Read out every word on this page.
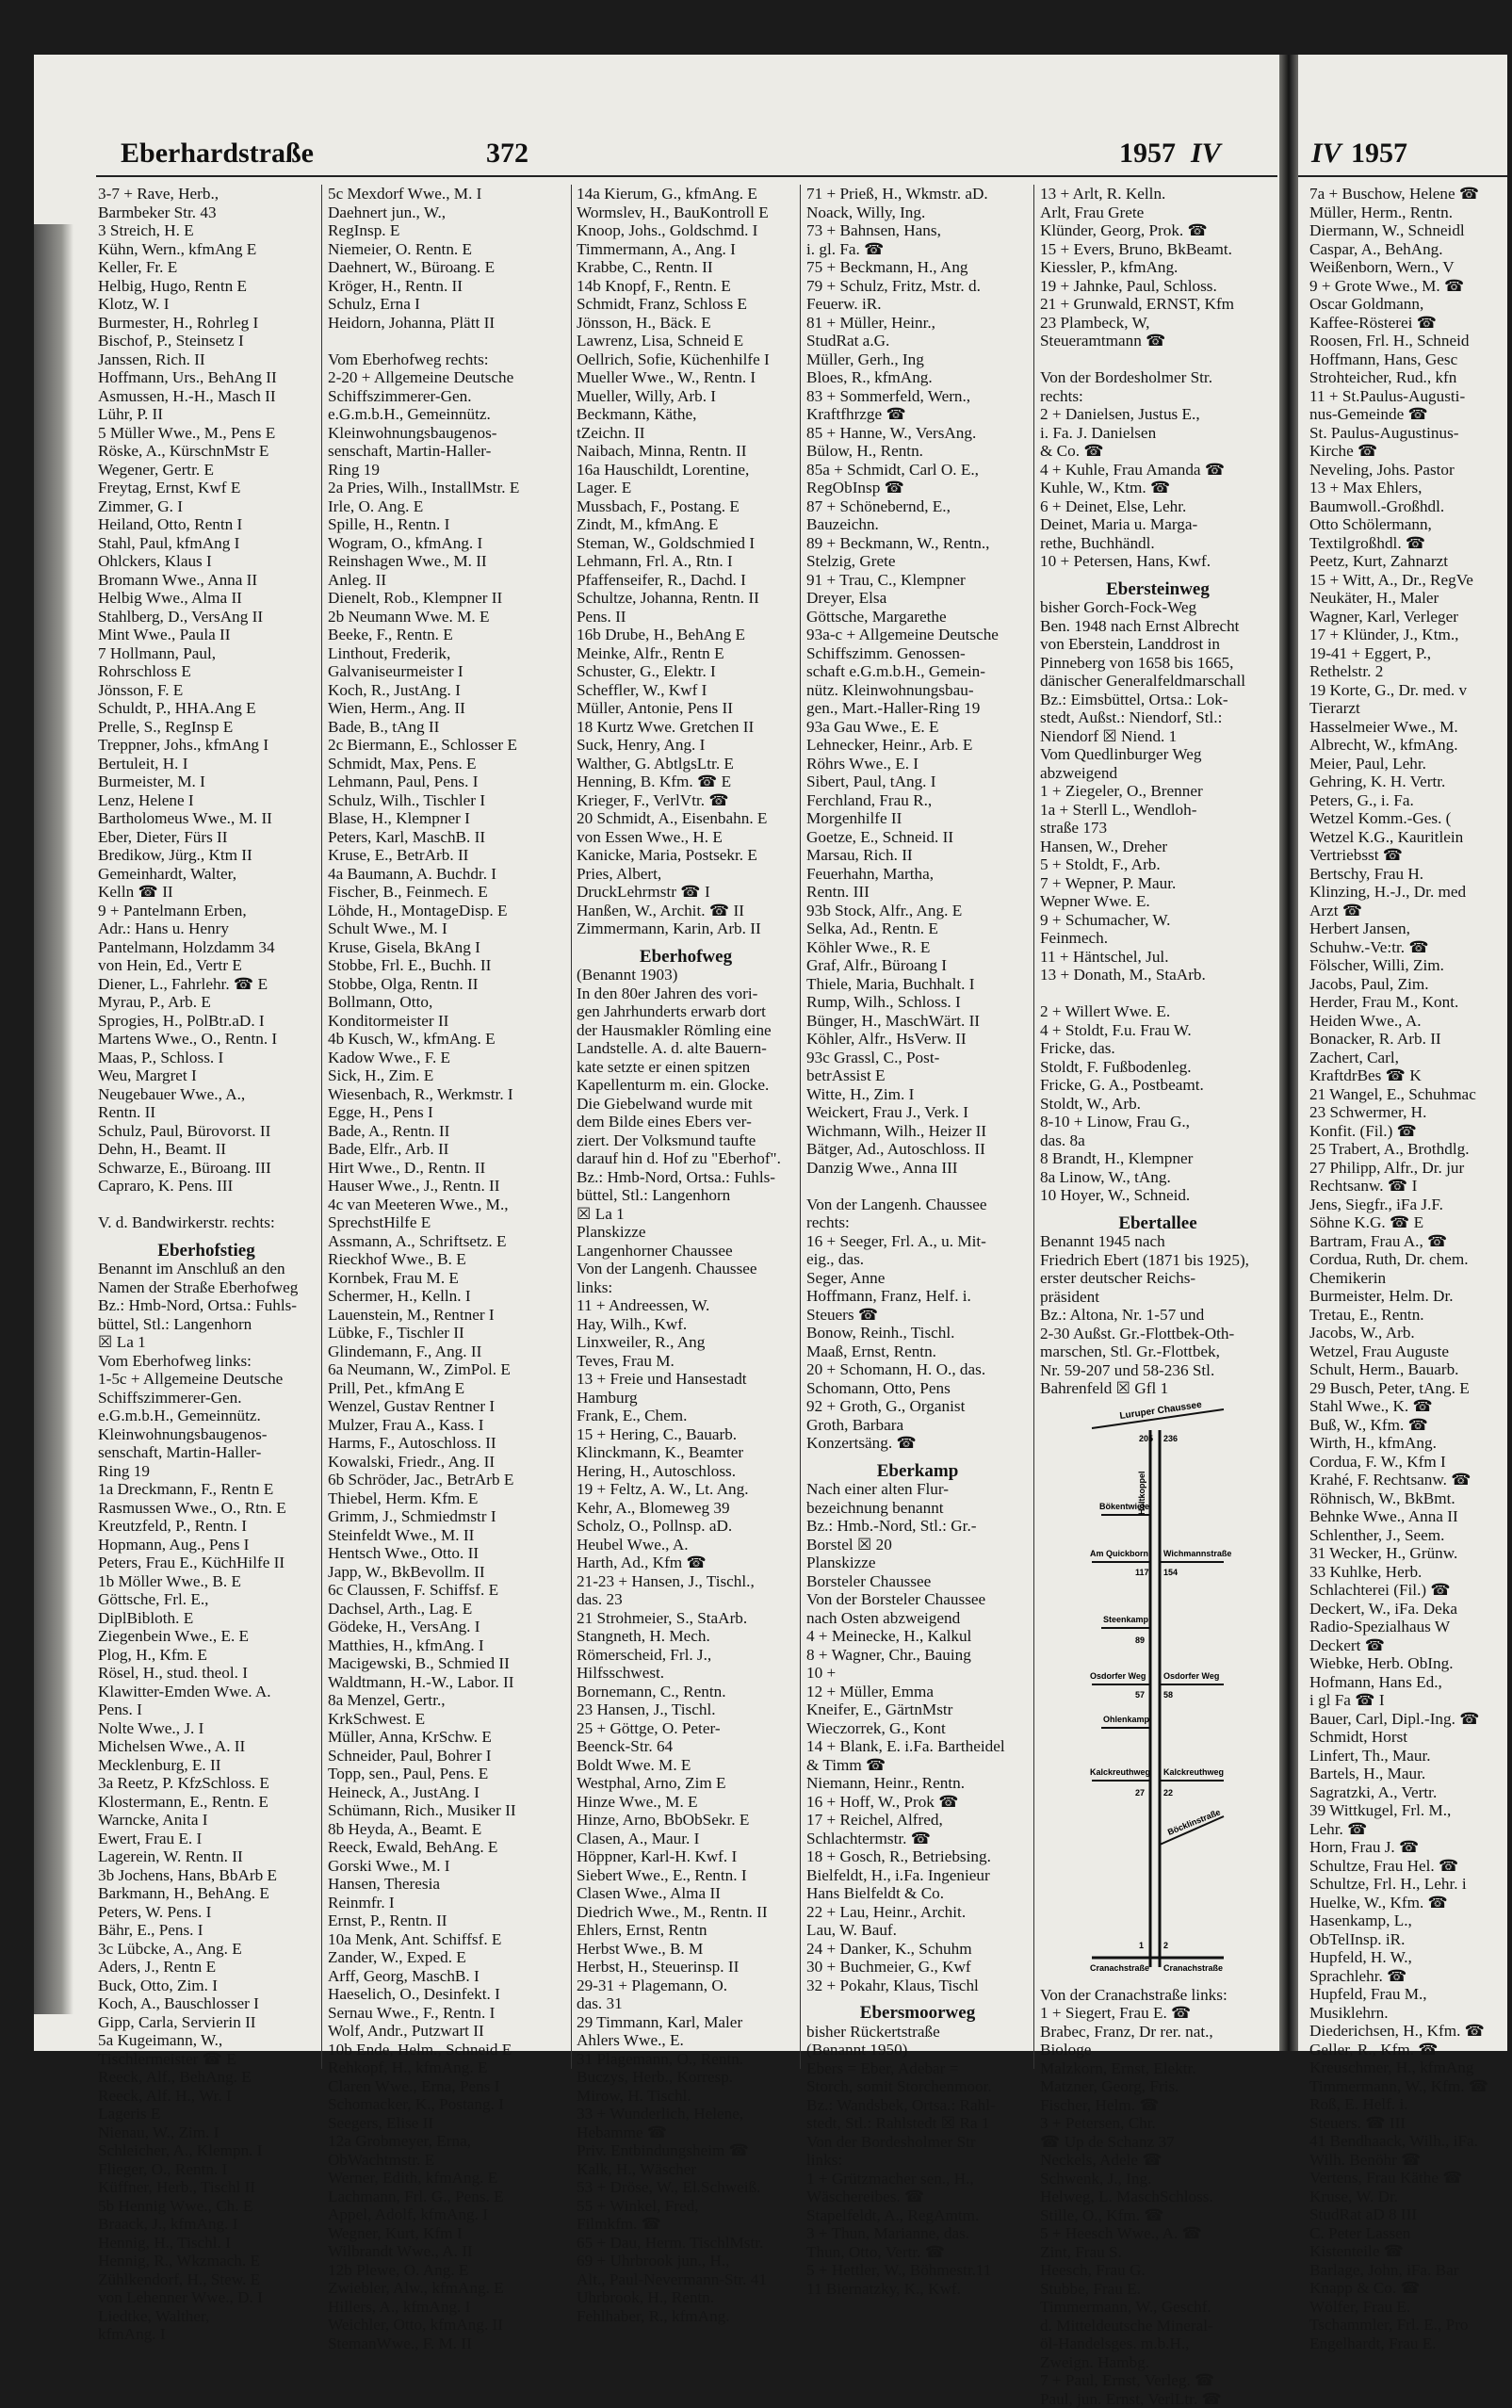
Eberhardstraße	372	1957 IV
3-7 + Rave, Herb.,
Barmbeker Str. 43
3 Streich, H. E
Kühn, Wern., kfmAng E
Keller, Fr. E
Helbig, Hugo, Rentn E
Klotz, W. I
Burmester, H., Rohrleg I
Bischof, P., Steinsetz I
Janssen, Rich. II
Hoffmann, Urs., BehAng II
Asmussen, H.-H., Masch II
Lühr, P. II
5 Müller Wwe., M., Pens E
Röske, A., KürschnMstr E
Wegener, Gertr. E
Freytag, Ernst, Kwf E
Zimmer, G. I
Heiland, Otto, Rentn I
Stahl, Paul, kfmAng I
Ohlckers, Klaus I
Bromann Wwe., Anna II
Helbig Wwe., Alma II
Stahlberg, D., VersAng II
Mint Wwe., Paula II
7 Hollmann, Paul,
Rohrschloss E
Jönsson, F. E
Schuldt, P., HHA.Ang E
Prelle, S., RegInsp E
Treppner, Johs., kfmAng I
Bertuleit, H. I
Burmeister, M. I
Lenz, Helene I
Bartholomeus Wwe., M. II
Eber, Dieter, Fürs II
Bredikow, Jürg., Ktm II
Gemeinhardt, Walter,
Kelln ☎ II
9 + Pantelmann Erben,
Adr.: Hans u. Henry
Pantelmann, Holzdamm 34
von Hein, Ed., Vertr E
Diener, L., Fahrlehr. ☎ E
Myrau, P., Arb. E
Sprogies, H., PolBtr.aD. I
Martens Wwe., O., Rentn. I
Maas, P., Schloss. I
Weu, Margret I
Neugebauer Wwe., A.,
Rentn. II
Schulz, Paul, Bürovorst. II
Dehn, H., Beamt. II
Schwarze, E., Büroang. III
Capraro, K. Pens. III

V. d. Bandwirkerstr. rechts:
Eberhofstieg
Benannt im Anschluß an den
Namen der Straße Eberhofweg
Bz.: Hmb-Nord, Ortsa.: Fuhls-
büttel, Stl.: Langenhorn
☒ La 1
Vom Eberhofweg links:
1-5c + Allgemeine Deutsche
Schiffszimmerer-Gen.
e.G.m.b.H., Gemeinnütz.
Kleinwohnungsbaugenos-
senschaft, Martin-Haller-
Ring 19
1a Dreckmann, F., Rentn E
Rasmussen Wwe., O., Rtn. E
Kreutzfeld, P., Rentn. I
Hopmann, Aug., Pens I
Peters, Frau E., KüchHilfe II
1b Möller Wwe., B. E
Göttsche, Frl. E.,
DiplBibloth. E
Ziegenbein Wwe., E. E
Plog, H., Kfm. E
Rösel, H., stud. theol. I
Klawitter-Emden Wwe. A.
Pens. I
Nolte Wwe., J. I
Michelsen Wwe., A. II
Mecklenburg, E. II
3a Reetz, P. KfzSchloss. E
Klostermann, E., Rentn. E
Warncke, Anita I
Ewert, Frau E. I
Lagerein, W. Rentn. II
3b Jochens, Hans, BbArb E
Barkmann, H., BehAng. E
Peters, W. Pens. I
Bähr, E., Pens. I
3c Lübcke, A., Ang. E
Aders, J., Rentn E
Buck, Otto, Zim. I
Koch, A., Bauschlosser I
Gipp, Carla, Servierin II
5a Kugeimann, W.,
Tischlermeister ☎ E
Reeck, Alf., BehAng. E
Reeck, Alf. H., Wr. I
Lageris E
Nienau, W., Zim. I
Schleicher, A., Klempn. I
Flieger, O., Rentn. I
Küffner, Herb., Tischl II
5b Hennig Wwe., Ch. E
Braack, J., kfmAng. I
Hennig, H., Tischl. I
Hennig, R., Wkzmach. E
Zühlkendorf, H., Stew. E
von Lehenner Wwe., D. I
Liedtke, Walther,
kfmAng. I
5c Mexdorf Wwe., M. I
Daehnert jun., W.,
RegInsp. E
Niemeier, O. Rentn. E
Daehnert, W., Büroang. E
Kröger, H., Rentn. II
Schulz, Erna I
Heidorn, Johanna, Plätt II

Vom Eberhofweg rechts:
2-20 + Allgemeine Deutsche
Schiffszimmerer-Gen.
e.G.m.b.H., Gemeinnütz.
Kleinwohnungsbaugenos-
senschaft, Martin-Haller-
Ring 19
2a Pries, Wilh., InstallMstr. E
Irle, O. Ang. E
Spille, H., Rentn. I
Wogram, O., kfmAng. I
Reinshagen Wwe., M. II
Anleg. II
Dienelt, Rob., Klempner II
2b Neumann Wwe. M. E
Beeke, F., Rentn. E
Linthout, Frederik,
Galvaniseurmeister I
Koch, R., JustAng. I
Wien, Herm., Ang. II
Bade, B., tAng II
2c Biermann, E., Schlosser E
Schmidt, Max, Pens. E
Lehmann, Paul, Pens. I
Schulz, Wilh., Tischler I
Blase, H., Klempner I
Peters, Karl, MaschB. II
Kruse, E., BetrArb. II
4a Baumann, A. Buchdr. I
Fischer, B., Feinmech. E
Löhde, H., MontageDisp. E
Schult Wwe., M. I
Kruse, Gisela, BkAng I
Stobbe, Frl. E., Buchh. II
Stobbe, Olga, Rentn. II
Bollmann, Otto,
Konditormeister II
4b Kusch, W., kfmAng. E
Kadow Wwe., F. E
Sick, H., Zim. E
Wiesenbach, R., Werkmstr. I
Egge, H., Pens I
Bade, A., Rentn. II
Bade, Elfr., Arb. II
Hirt Wwe., D., Rentn. II
Hauser Wwe., J., Rentn. II
4c van Meeteren Wwe., M.,
SprechstHilfe E
Assmann, A., Schriftsetz. E
Rieckhof Wwe., B. E
Kornbek, Frau M. E
Schermer, H., Kelln. I
Lauenstein, M., Rentner I
Lübke, F., Tischler II
Glindemann, F., Ang. II
6a Neumann, W., ZimPol. E
Prill, Pet., kfmAng E
Wenzel, Gustav Rentner I
Mulzer, Frau A., Kass. I
Harms, F., Autoschloss. II
Kowalski, Friedr., Ang. II
6b Schröder, Jac., BetrArb E
Thiebel, Herm. Kfm. E
Grimm, J., Schmiedmstr I
Steinfeldt Wwe., M. II
Hentsch Wwe., Otto. II
Japp, W., BkBevollm. II
6c Claussen, F. Schiffsf. E
Dachsel, Arth., Lag. E
Gödeke, H., VersAng. I
Matthies, H., kfmAng. I
Macigewski, B., Schmied II
Waldtmann, H.-W., Labor. II
8a Menzel, Gertr.,
KrkSchwest. E
Müller, Anna, KrSchw. E
Schneider, Paul, Bohrer I
Topp, sen., Paul, Pens. E
Heineck, A., JustAng. I
Schümann, Rich., Musiker II
8b Heyda, A., Beamt. E
Reeck, Ewald, BehAng. E
Gorski Wwe., M. I
Hansen, Theresia
Reinmfr. I
Ernst, P., Rentn. II
10a Menk, Ant. Schiffsf. E
Zander, W., Exped. E
Arff, Georg, MaschB. I
Haeselich, O., Desinfekt. I
Sernau Wwe., F., Rentn. I
Wolf, Andr., Putzwart II
10b Ende, Helm., Schneid E
Rehkopf, H., kfmAng. E
Claren Wwe., Erna, Pens I
Schomacker, K., Postang. I
Seegers, Elise II
12a Grobmeyer, Erna,
ObWachtmstr. E
Werner, Edith, kfmAng. E
Lachmann, Frl. G., Pens. E
Appel, Adolf, kfmAng. I
Wegner, Kurt, Kfm I
Wilbrandt Wwe., A. II
12b Plewe, O. Ang. E
Zwiebler, Alw., kfmAng. E
Hillers, A., kfmAng. I
Weichler, Otto, kfmAng. II
StemanWwe., F. M. II
14a Kierum, G., kfmAng. E
Wormslev, H., BauKontroll E
Knoop, Johs., Goldschmd. I
Timmermann, A., Ang. I
Krabbe, C., Rentn. II
14b Knopf, F., Rentn. E
Schmidt, Franz, Schloss E
Jönsson, H., Bäck. E
Lawrenz, Lisa, Schneid E
Oellrich, Sofie, Küchenhilfe I
Mueller Wwe., W., Rentn. I
Mueller, Willy, Arb. I
Beckmann, Käthe,
tZeichn. II
Naibach, Minna, Rentn. II
16a Hauschildt, Lorentine,
Lager. E
Mussbach, F., Postang. E
Zindt, M., kfmAng. E
Steman, W., Goldschmied I
Lehmann, Frl. A., Rtn. I
Pfaffenseifer, R., Dachd. I
Schultze, Johanna, Rentn. II
Pens. II
16b Drube, H., BehAng E
Meinke, Alfr., Rentn E
Schuster, G., Elektr. I
Scheffler, W., Kwf I
Müller, Antonie, Pens II
18 Kurtz Wwe. Gretchen II
Suck, Henry, Ang. I
Walther, G. AbtlgsLtr. E
Henning, B. Kfm. ☎ E
Krieger, F., VerlVtr. ☎
20 Schmidt, A., Eisenbahn. E
von Essen Wwe., H. E
Kanicke, Maria, Postsekr. E
Pries, Albert,
DruckLehrmstr ☎ I
Hanßen, W., Archit. ☎ II
Zimmermann, Karin, Arb. II
Eberhofweg
(Benannt 1903)
In den 80er Jahren des vori-
gen Jahrhunderts erwarb dort
der Hausmakler Römling eine
Landstelle. A. d. alte Bauern-
kate setzte er einen spitzen
Kapellenturm m. ein. Glocke.
Die Giebelwand wurde mit
dem Bilde eines Ebers ver-
ziert. Der Volksmund taufte
darauf hin d. Hof zu "Eberhof".
Bz.: Hmb-Nord, Ortsa.: Fuhls-
büttel, Stl.: Langenhorn
☒ La 1
Planskizze
Langenhorner Chaussee
Von der Langenh. Chaussee
links:
11 + Andreessen, W.
Hay, Wilh., Kwf.
Linxweiler, R., Ang
Teves, Frau M.
13 + Freie und Hansestadt
Hamburg
Frank, E., Chem.
15 + Hering, C., Bauarb.
Klinckmann, K., Beamter
Hering, H., Autoschloss.
19 + Feltz, A. W., Lt. Ang.
Kehr, A., Blomeweg 39
Scholz, O., Pollnsp. aD.
Heubel Wwe., A.
Harth, Ad., Kfm ☎
21-23 + Hansen, J., Tischl.,
das. 23
21 Strohmeier, S., StaArb.
Stangneth, H. Mech.
Römerscheid, Frl. J.,
Hilfsschwest.
Bornemann, C., Rentn.
23 Hansen, J., Tischl.
25 + Göttge, O. Peter-
Beenck-Str. 64
Boldt Wwe. M. E
Westphal, Arno, Zim E
Hinze Wwe., M. E
Hinze, Arno, BbObSekr. E
Clasen, A., Maur. I
Höppner, Karl-H. Kwf. I
Siebert Wwe., E., Rentn. I
Clasen Wwe., Alma II
Diedrich Wwe., M., Rentn. II
Ehlers, Ernst, Rentn
Herbst Wwe., B. M
Herbst, H., Steuerinsp. II
29-31 + Plagemann, O.
das. 31
29 Timmann, Karl, Maler
Ahlers Wwe., E.
31 Plagemann, O., Rentn.
Buczys, Herb., Korresp.
Mirow, H. Tischl.
33 + Wunderlich, Helene,
Hebamme ☎
Priv. Entbindungsheim ☎
Kalk, H., Wäscher
53 + Dröse, W., El.Schweiß.
55 + Winkel, Fred,
Filmkfm. ☎
65 + Dau, Herm. TischlMstr.
69 + Uhrbrook jun., H.,
Alt., Paul-Nevermann-Str. 41
Uhrbrook, H., Rentn.
Fehlhaber, R., kfmAng.
71 + Prieß, H., Wkmstr. aD.
Noack, Willy, Ing.
73 + Bahnsen, Hans,
i. gl. Fa. ☎
75 + Beckmann, H., Ang
79 + Schulz, Fritz, Mstr. d.
Feuerw. iR.
81 + Müller, Heinr.,
StudRat a.G.
Müller, Gerh., Ing
Bloes, R., kfmAng.
83 + Sommerfeld, Wern.,
Kraftfhrzge ☎
85 + Hanne, W., VersAng.
Bülow, H., Rentn.
85a + Schmidt, Carl O. E.,
RegObInsp ☎
87 + Schönebernd, E.,
Bauzeichn.
89 + Beckmann, W., Rentn.,
Stelzig, Grete
91 + Trau, C., Klempner
Dreyer, Elsa
Göttsche, Margarethe
93a-c + Allgemeine Deutsche
Schiffszimm. Genossen-
schaft e.G.m.b.H., Gemein-
nütz. Kleinwohnungsbau-
gen., Mart.-Haller-Ring 19
93a Gau Wwe., E. E
Lehnecker, Heinr., Arb. E
Röhrs Wwe., E. I
Sibert, Paul, tAng. I
Ferchland, Frau R.,
Morgenhilfe II
Goetze, E., Schneid. II
Marsau, Rich. II
Feuerhahn, Martha,
Rentn. III
93b Stock, Alfr., Ang. E
Selka, Ad., Rentn. E
Köhler Wwe., R. E
Graf, Alfr., Büroang I
Thiele, Maria, Buchhalt. I
Rump, Wilh., Schloss. I
Bünger, H., MaschWärt. II
Köhler, Alfr., HsVerw. II
93c Grassl, C., Post-
betrAssist E
Witte, H., Zim. I
Weickert, Frau J., Verk. I
Wichmann, Wilh., Heizer II
Bätger, Ad., Autoschloss. II
Danzig Wwe., Anna III

Von der Langenh. Chaussee
rechts:
16 + Seeger, Frl. A., u. Mit-
eig., das.
Seger, Anne
Hoffmann, Franz, Helf. i.
Steuers ☎
Bonow, Reinh., Tischl.
Maaß, Ernst, Rentn.
20 + Schomann, H. O., das.
Schomann, Otto, Pens
92 + Groth, G., Organist
Groth, Barbara
Konzertsäng. ☎
Eberkamp
Nach einer alten Flur-
bezeichnung benannt
Bz.: Hmb.-Nord, Stl.: Gr.-
Borstel ☒ 20
Planskizze
Borsteler Chaussee
Von der Borsteler Chaussee
nach Osten abzweigend
4 + Meinecke, H., Kalkul
8 + Wagner, Chr., Bauing
10 +
12 + Müller, Emma
Kneifer, E., GärtnMstr
Wieczorrek, G., Kont
14 + Blank, E. i.Fa. Bartheidel
& Timm ☎
Niemann, Heinr., Rentn.
16 + Hoff, W., Prok ☎
17 + Reichel, Alfred,
Schlachtermstr. ☎
18 + Gosch, R., Betriebsing.
Bielfeldt, H., i.Fa. Ingenieur
Hans Bielfeldt & Co.
22 + Lau, Heinr., Archit.
Lau, W. Bauf.
24 + Danker, K., Schuhm
30 + Buchmeier, G., Kwf
32 + Pokahr, Klaus, Tischl
Ebersmoorweg
bisher Rückertstraße
(Benannt 1950)
Ebers = Eber, Adebar =
Storch, somit Storchenmoor.
Bz.: Wandsbek, Ortsa.: Rahl-
stedt, Stl.: Rahlstedt ☒ Ra 1
Von der Bordesholmer Str
links:
1 + Grützmacher sen., H.,
Wäschereibes. ☎
Stapelfeldt, A., RegAmtm.
3 + Thun, Marianne, das.
Thun, Otto, Vertr. ☎
5 + Hettler, W., Böhmestr.11
11 Biernatzky, K., Kwf.
13 + Arlt, R. Kelln.
Arlt, Frau Grete
Klünder, Georg, Prok. ☎
15 + Evers, Bruno, BkBeamt.
Kiessler, P., kfmAng.
19 + Jahnke, Paul, Schloss.
21 + Grunwald, ERNST, Kfm
23 Plambeck, W,
Steueramtmann ☎

Von der Bordesholmer Str.
rechts:
2 + Danielsen, Justus E.,
i. Fa. J. Danielsen
& Co. ☎
4 + Kuhle, Frau Amanda ☎
Kuhle, W., Ktm. ☎
6 + Deinet, Else, Lehr.
Deinet, Maria u. Marga-
rethe, Buchhändl.
10 + Petersen, Hans, Kwf.
Ebersteinweg
bisher Gorch-Fock-Weg
Ben. 1948 nach Ernst Albrecht
von Eberstein, Landdrost in
Pinneberg von 1658 bis 1665,
dänischer Generalfeldmarschall
Bz.: Eimsbüttel, Ortsa.: Lok-
stedt, Außst.: Niendorf, Stl.:
Niendorf ☒ Niend. 1
Vom Quedlinburger Weg
abzweigend
1 + Ziegeler, O., Brenner
1a + Sterll L., Wendloh-
straße 173
Hansen, W., Dreher
5 + Stoldt, F., Arb.
7 + Wepner, P. Maur.
Wepner Wwe. E.
9 + Schumacher, W.
Feinmech.
11 + Häntschel, Jul.
13 + Donath, M., StaArb.

2 + Willert Wwe. E.
4 + Stoldt, F.u. Frau W.
Fricke, das.
Stoldt, F. Fußbodenleg.
Fricke, G. A., Postbeamt.
Stoldt, W., Arb.
8-10 + Linow, Frau G.,
das. 8a
8 Brandt, H., Klempner
8a Linow, W., tAng.
10 Hoyer, W., Schneid.
Ebertallee
Benannt 1945 nach
Friedrich Ebert (1871 bis 1925),
erster deutscher Reichs-
präsident
Bz.: Altona, Nr. 1-57 und
2-30 Außst. Gr.-Flottbek-Oth-
marschen, Stl. Gr.-Flottbek,
Nr. 59-207 und 58-236 Stl.
Bahrenfeld ☒ Gfl 1
Luruper Chaussee
Holtkoppel
205 236
Bökentwiete
Am Quickborn Wichmannstraße
117 154
Steenkamp
89
Osdorfer Weg Osdorfer Weg
57 58
Ohlenkamp
Kalckreuthweg Kalckreuthweg
27 22
Böcklinstraße
Cranachstraße Cranachstraße
1 2
Von der Cranachstraße links:
1 + Siegert, Frau E. ☎
Brabec, Franz, Dr rer. nat.,
Biologe
Malzkorn, Ernst, Elektr.
Matzner, Georg, Fris.
Fischer, Helm. ☎
3 + Petersen, Chr.
☎ Up de Schanz 37
Neckels, Adele ☎
Schwenk, J., Ing.
Helweg, L. MaschSchloss.
Stille, O., Kfm. ☎
5 + Heesch Wwe., A. ☎
Zint, Frau S.
Heesch, Frau G.
Stubbe, Frau E.
Timmermann, W., Geschf.
d. Mitteldeutsche Mineral-
öl-Handelsges. m.b.H.,
Zweign. Hambg.
7 + Paul, Ernst, Verleg. ☎
Paul, jun. Ernst, VerlLtr. ☎
IV 1957
7a + Buschow, Helene ☎
Müller, Herm., Rentn.
Diermann, W., Schneidl
Caspar, A., BehAng.
Weißenborn, Wern., V
9 + Grote Wwe., M. ☎
Oscar Goldmann,
Kaffee-Rösterei ☎
Roosen, Frl. H., Schneid
Hoffmann, Hans, Gesc
Strohteicher, Rud., kfn
11 + St.Paulus-Augusti-
nus-Gemeinde ☎
St. Paulus-Augustinus-
Kirche ☎
Neveling, Johs. Pastor
13 + Max Ehlers,
Baumwoll.-Großhdl.
Otto Schölermann,
Textilgroßhdl. ☎
Peetz, Kurt, Zahnarzt
15 + Witt, A., Dr., RegVe
Neukäter, H., Maler
Wagner, Karl, Verleger
17 + Klünder, J., Ktm.,
19-41 + Eggert, P.,
Rethelstr. 2
19 Korte, G., Dr. med. v
Tierarzt
Hasselmeier Wwe., M.
Albrecht, W., kfmAng.
Meier, Paul, Lehr.
Gehring, K. H. Vertr.
Peters, G., i. Fa.
Wetzel Komm.-Ges. (
Wetzel K.G., Kauritlein
Vertriebsst ☎
Bertschy, Frau H.
Klinzing, H.-J., Dr. med
Arzt ☎
Herbert Jansen,
Schuhw.-Ve:tr. ☎
Fölscher, Willi, Zim.
Jacobs, Paul, Zim.
Herder, Frau M., Kont.
Heiden Wwe., A.
Bonacker, R. Arb. II
Zachert, Carl,
KraftdrBes ☎ K
21 Wangel, E., Schuhmac
23 Schwermer, H.
Konfit. (Fil.) ☎
25 Trabert, A., Brothdlg.
27 Philipp, Alfr., Dr. jur
Rechtsanw. ☎ I
Jens, Siegfr., iFa J.F.
Söhne K.G. ☎ E
Bartram, Frau A., ☎
Cordua, Ruth, Dr. chem.
Chemikerin
Burmeister, Helm. Dr.
Tretau, E., Rentn.
Jacobs, W., Arb.
Wetzel, Frau Auguste
Schult, Herm., Bauarb.
29 Busch, Peter, tAng. E
Stahl Wwe., K. ☎
Buß, W., Kfm. ☎
Wirth, H., kfmAng.
Cordua, F. W., Kfm I
Krahé, F. Rechtsanw. ☎
Röhnisch, W., BkBmt.
Behnke Wwe., Anna II
Schlenther, J., Seem.
31 Wecker, H., Grünw.
33 Kuhlke, Herb.
Schlachterei (Fil.) ☎
Deckert, W., iFa. Deka
Radio-Spezialhaus W
Deckert ☎
Wiebke, Herb. ObIng.
Hofmann, Hans Ed.,
i gl Fa ☎ I
Bauer, Carl, Dipl.-Ing. ☎
Schmidt, Horst
Linfert, Th., Maur.
Bartels, H., Maur.
Sagratzki, A., Vertr.
39 Wittkugel, Frl. M.,
Lehr. ☎
Horn, Frau J. ☎
Schultze, Frau Hel. ☎
Schultze, Frl. H., Lehr. i
Huelke, W., Kfm. ☎
Hasenkamp, L.,
ObTelInsp. iR.
Hupfeld, H. W.,
Sprachlehr. ☎
Hupfeld, Frau M.,
Musiklehrn.
Diederichsen, H., Kfm. ☎
Geller, R., Kfm. ☎
Kreuschmer, H., kfmAng
Timmermann, W., Kfm. ☎
Roß, E. Helf. i.
Steuers. ☎ III
41 Bendhaack, Wilh., iFa.
Wilh. Benöhr ☎
Vertens, Frau Käthe ☎
Kruse, W. Dr.
StudRat aD 8 III
C. Peter Lassen
Kistenteile ☎
Barlage, John, iFa. Bar
Knapp & Co. ☎
Wölfer, Frau E.
Tschammler, Frl. E., Pro
Engelhardt, Frau E.
